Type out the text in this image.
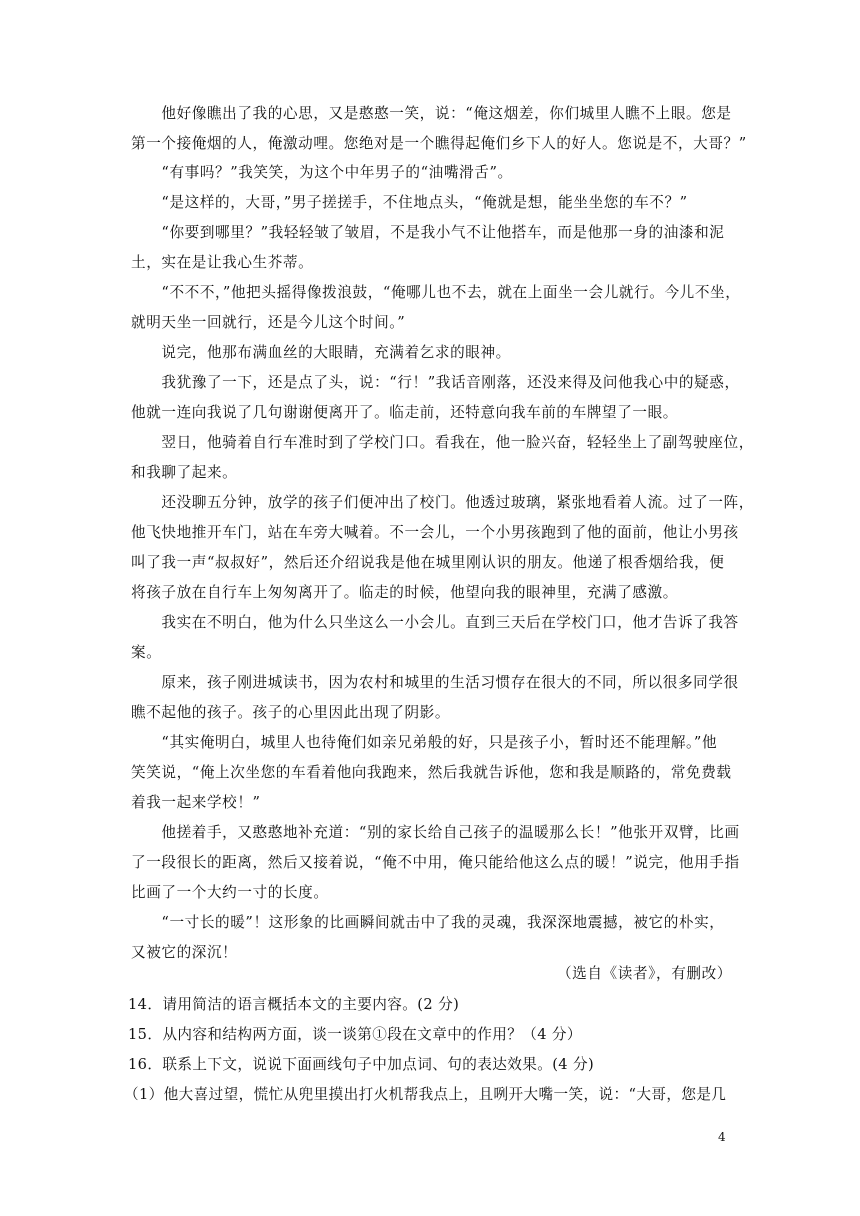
　　他好像瞧出了我的心思，又是憨憨一笑，说：“俺这烟差，你们城里人瞧不上眼。您是
第一个接俺烟的人，俺激动哩。您绝对是一个瞧得起俺们乡下人的好人。您说是不，大哥？”
　　“有事吗？”我笑笑，为这个中年男子的“油嘴滑舌”。
　　“是这样的，大哥，”男子搓搓手，不住地点头，“俺就是想，能坐坐您的车不？”
　　“你要到哪里？”我轻轻皱了皱眉，不是我小气不让他搭车，而是他那一身的油漆和泥
土，实在是让我心生芥蒂。
　　“不不不，”他把头摇得像拨浪鼓，“俺哪儿也不去，就在上面坐一会儿就行。今儿不坐，
就明天坐一回就行，还是今儿这个时间。”
　　说完，他那布满血丝的大眼睛，充满着乞求的眼神。
　　我犹豫了一下，还是点了头，说：“行！”我话音刚落，还没来得及问他我心中的疑惑，
他就一连向我说了几句谢谢便离开了。临走前，还特意向我车前的车牌望了一眼。
　　翌日，他骑着自行车准时到了学校门口。看我在，他一脸兴奋，轻轻坐上了副驾驶座位，
和我聊了起来。
　　还没聊五分钟，放学的孩子们便冲出了校门。他透过玻璃，紧张地看着人流。过了一阵，
他飞快地推开车门，站在车旁大喊着。不一会儿，一个小男孩跑到了他的面前，他让小男孩
叫了我一声“叔叔好”，然后还介绍说我是他在城里刚认识的朋友。他递了根香烟给我，便
将孩子放在自行车上匆匆离开了。临走的时候，他望向我的眼神里，充满了感激。
　　我实在不明白，他为什么只坐这么一小会儿。直到三天后在学校门口，他才告诉了我答
案。
　　原来，孩子刚进城读书，因为农村和城里的生活习惯存在很大的不同，所以很多同学很
瞧不起他的孩子。孩子的心里因此出现了阴影。
　　“其实俺明白，城里人也待俺们如亲兄弟般的好，只是孩子小，暂时还不能理解。”他
笑笑说，“俺上次坐您的车看着他向我跑来，然后我就告诉他，您和我是顺路的，常免费载
着我一起来学校！”
　　他搓着手，又憨憨地补充道：“别的家长给自己孩子的温暖那么长！”他张开双臂，比画
了一段很长的距离，然后又接着说，“俺不中用，俺只能给他这么点的暖！”说完，他用手指
比画了一个大约一寸的长度。
　　“一寸长的暖”！这形象的比画瞬间就击中了我的灵魂，我深深地震撼，被它的朴实，
又被它的深沉！
（选自《读者》，有删改）
14．请用简洁的语言概括本文的主要内容。(2 分)
15．从内容和结构两方面，谈一谈第①段在文章中的作用？（4 分）
16．联系上下文，说说下面画线句子中加点词、句的表达效果。(4 分)
（1）他大喜过望，慌忙从兜里摸出打火机帮我点上，且咧开大嘴一笑，说：“大哥，您是几
4
